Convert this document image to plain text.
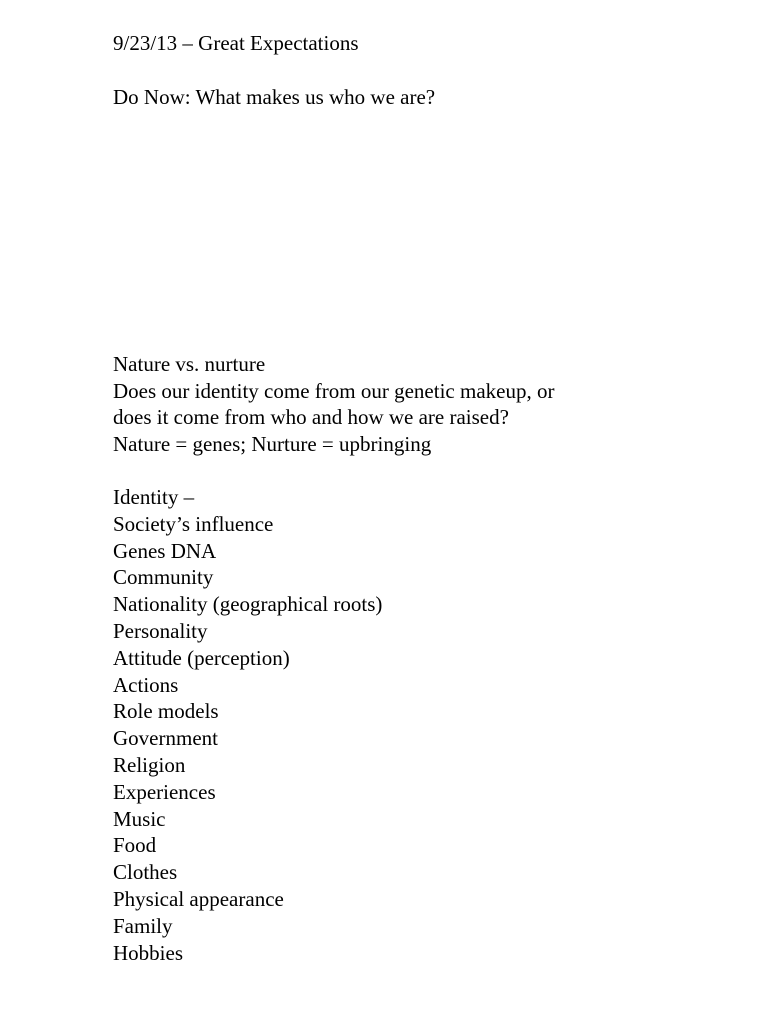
9/23/13 – Great Expectations
Do Now: What makes us who we are?
Nature vs. nurture
Does our identity come from our genetic makeup, or
does it come from who and how we are raised?
Nature = genes; Nurture = upbringing
Identity –
Society’s influence
Genes DNA
Community
Nationality (geographical roots)
Personality
Attitude (perception)
Actions
Role models
Government
Religion
Experiences
Music
Food
Clothes
Physical appearance
Family
Hobbies
